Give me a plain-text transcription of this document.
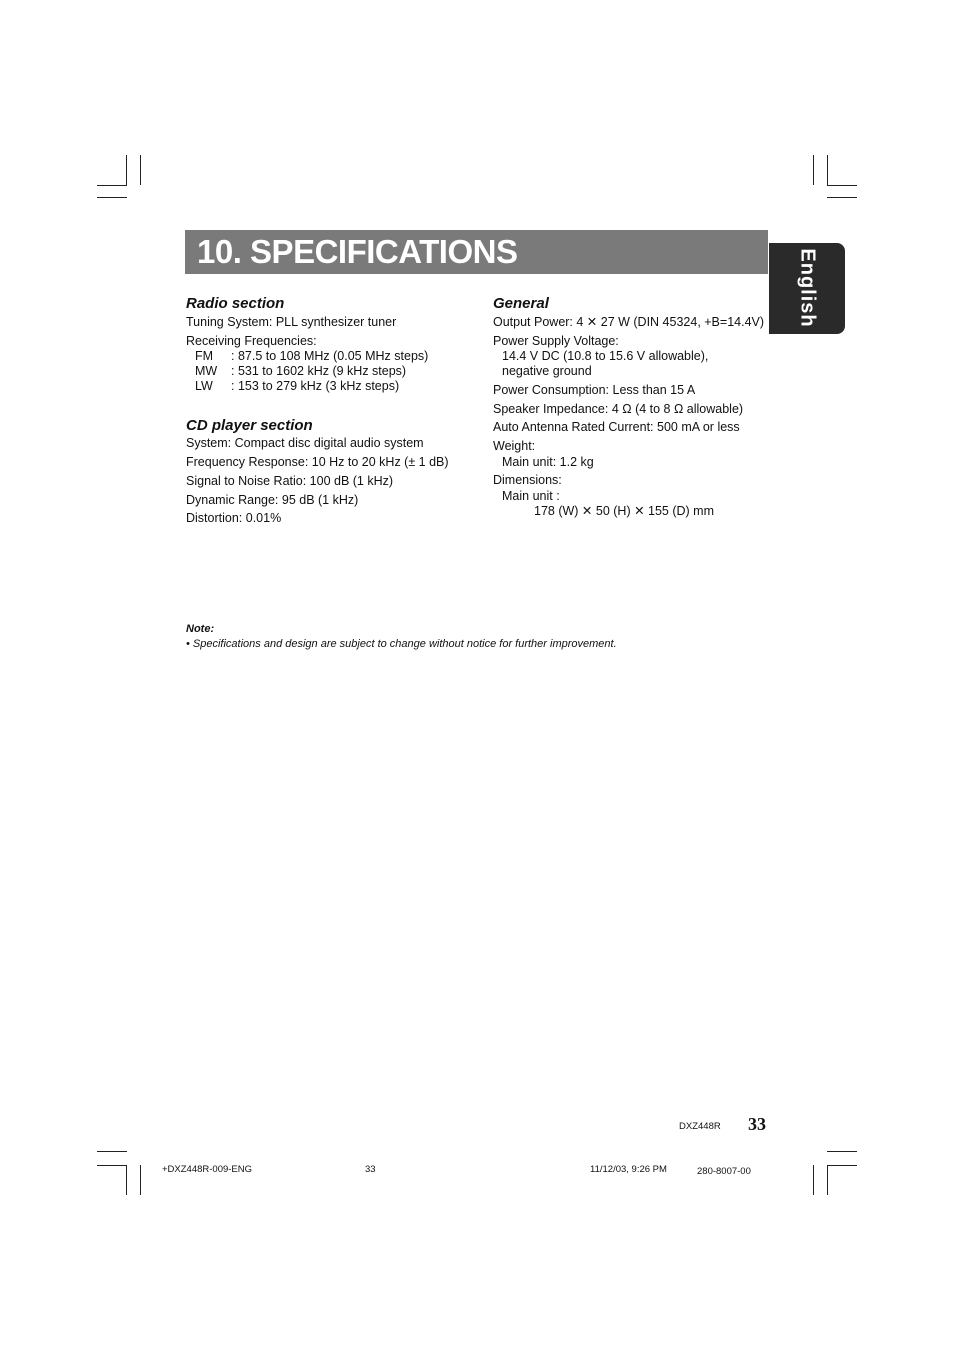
10. SPECIFICATIONS	English
Radio section
Tuning System: PLL synthesizer tuner
Receiving Frequencies:
FM : 87.5 to 108 MHz (0.05 MHz steps)
MW : 531 to 1602 kHz (9 kHz steps)
LW : 153 to 279 kHz (3 kHz steps)
CD player section
System: Compact disc digital audio system
Frequency Response: 10 Hz to 20 kHz (± 1 dB)
Signal to Noise Ratio: 100 dB (1 kHz)
Dynamic Range: 95 dB (1 kHz)
Distortion: 0.01%
General
Output Power: 4 ✕ 27 W (DIN 45324, +B=14.4V)
Power Supply Voltage:
14.4 V DC (10.8 to 15.6 V allowable),
negative ground
Power Consumption: Less than 15 A
Speaker Impedance: 4 Ω (4 to 8 Ω allowable)
Auto Antenna Rated Current: 500 mA or less
Weight:
Main unit: 1.2 kg
Dimensions:
Main unit :
178 (W) ✕ 50 (H) ✕ 155 (D) mm
Note:
• Specifications and design are subject to change without notice for further improvement.
DXZ448R 33
+DXZ448R-009-ENG	33	11/12/03, 9:26 PM	280-8007-00
